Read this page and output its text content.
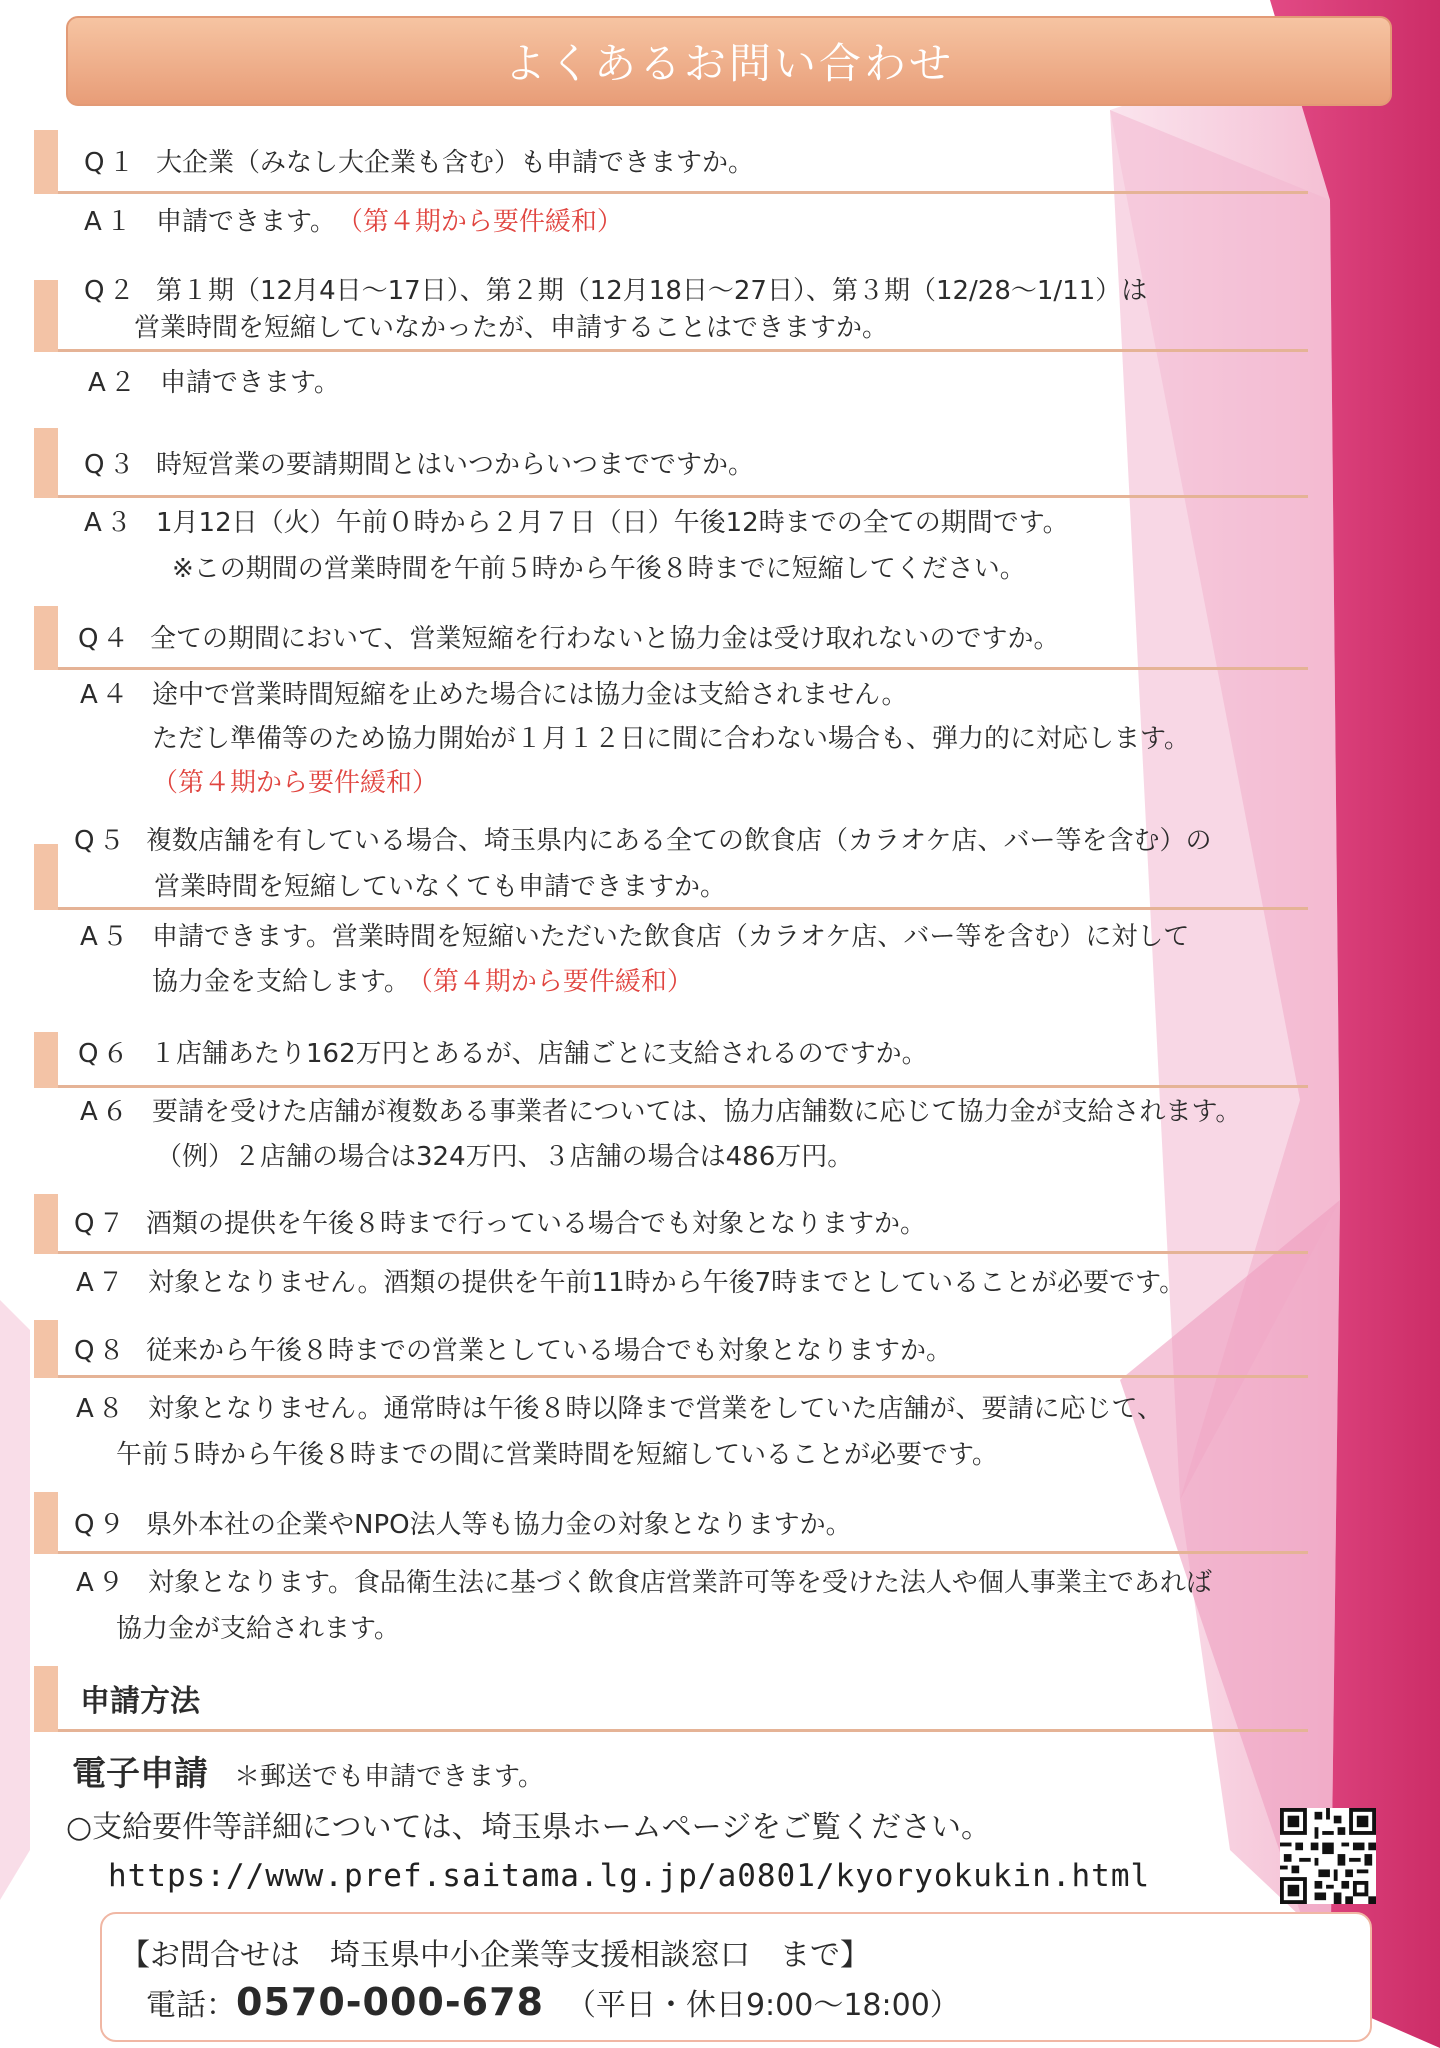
よくあるお問い合わせ
Q１ 大企業（みなし大企業も含む）も申請できますか。
A１ 申請できます。 （第４期から要件緩和）
Q２ 第１期（12月4日～17日）、第２期（12月18日～27日）、第３期（12/28～1/11）は
営業時間を短縮していなかったが、申請することはできますか。
A２ 申請できます。
Q３ 時短営業の要請期間とはいつからいつまでですか。
A３ 1月12日（火）午前０時から２月７日（日）午後12時までの全ての期間です。
※この期間の営業時間を午前５時から午後８時までに短縮してください。
Q４ 全ての期間において、営業短縮を行わないと協力金は受け取れないのですか。
A４ 途中で営業時間短縮を止めた場合には協力金は支給されません。
ただし準備等のため協力開始が１月１２日に間に合わない場合も、弾力的に対応します。
（第４期から要件緩和）
Q５ 複数店舗を有している場合、埼玉県内にある全ての飲食店（カラオケ店、バー等を含む）の
営業時間を短縮していなくても申請できますか。
A５ 申請できます。営業時間を短縮いただいた飲食店（カラオケ店、バー等を含む）に対して
協力金を支給します。 （第４期から要件緩和）
Q６ １店舗あたり162万円とあるが、店舗ごとに支給されるのですか。
A６ 要請を受けた店舗が複数ある事業者については、協力店舗数に応じて協力金が支給されます。
（例）２店舗の場合は324万円、３店舗の場合は486万円。
Q７ 酒類の提供を午後８時まで行っている場合でも対象となりますか。
A７ 対象となりません。酒類の提供を午前11時から午後7時までとしていることが必要です。
Q８ 従来から午後８時までの営業としている場合でも対象となりますか。
A８ 対象となりません。通常時は午後８時以降まで営業をしていた店舗が、要請に応じて、
午前５時から午後８時までの間に営業時間を短縮していることが必要です。
Q９ 県外本社の企業やNPO法人等も協力金の対象となりますか。
A９ 対象となります。食品衛生法に基づく飲食店営業許可等を受けた法人や個人事業主であれば
協力金が支給されます。
申請方法
電子申請 ＊郵送でも申請できます。
○支給要件等詳細については、埼玉県ホームページをご覧ください。
https://www.pref.saitama.lg.jp/a0801/kyoryokukin.html
【お問合せは　埼玉県中小企業等支援相談窓口　まで】
電話：0570-000-678 （平日・休日9:00～18:00）
